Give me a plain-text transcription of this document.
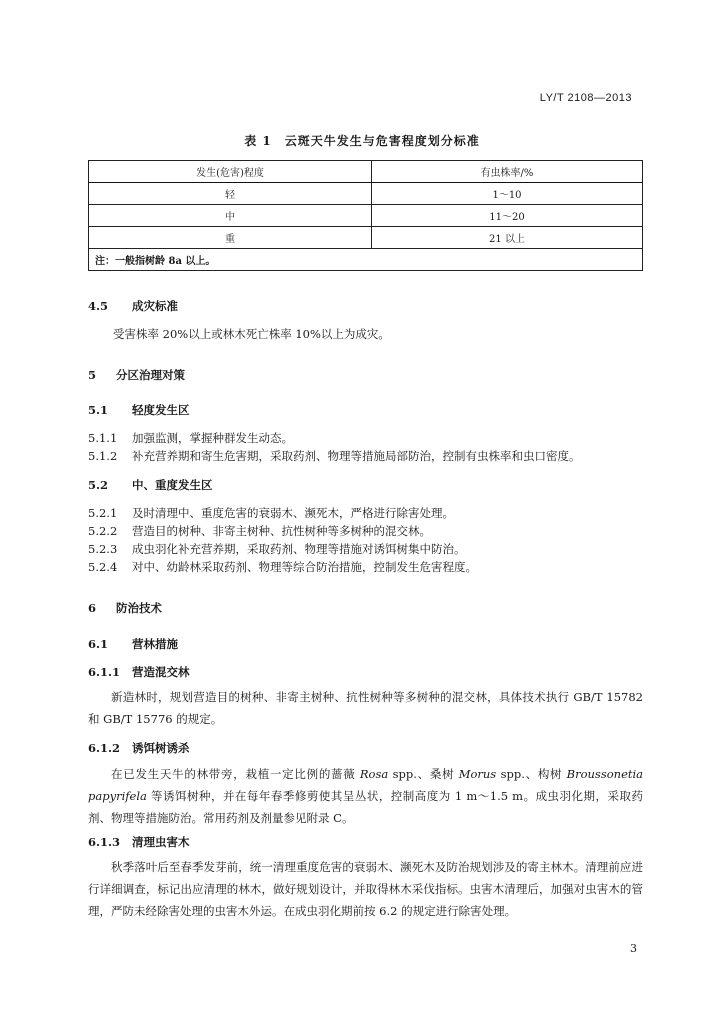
LY/T 2108—2013
表 1　云斑天牛发生与危害程度划分标准
发生(危害)程度	有虫株率/%
轻	1～10
中	11～20
重	21 以上
注：一般指树龄 8a 以上。	
4.5 成灾标准
受害株率 20%以上或林木死亡株率 10%以上为成灾。
5 分区治理对策
5.1 轻度发生区
5.1.1 加强监测，掌握种群发生动态。
5.1.2 补充营养期和寄生危害期，采取药剂、物理等措施局部防治，控制有虫株率和虫口密度。
5.2 中、重度发生区
5.2.1 及时清理中、重度危害的衰弱木、濒死木，严格进行除害处理。
5.2.2 营造目的树种、非寄主树种、抗性树种等多树种的混交林。
5.2.3 成虫羽化补充营养期，采取药剂、物理等措施对诱饵树集中防治。
5.2.4 对中、幼龄林采取药剂、物理等综合防治措施，控制发生危害程度。
6 防治技术
6.1 营林措施
6.1.1 营造混交林
新造林时，规划营造目的树种、非寄主树种、抗性树种等多树种的混交林，具体技术执行 GB/T 15782 和 GB/T 15776 的规定。
6.1.2 诱饵树诱杀
在已发生天牛的林带旁，栽植一定比例的蔷薇 Rosa spp.、桑树 Morus spp.、构树 Broussonetia papyrifela 等诱饵树种，并在每年春季修剪使其呈丛状，控制高度为 1 m～1.5 m。成虫羽化期，采取药剂、物理等措施防治。常用药剂及剂量参见附录 C。
6.1.3 清理虫害木
秋季落叶后至春季发芽前，统一清理重度危害的衰弱木、濒死木及防治规划涉及的寄主林木。清理前应进行详细调查，标记出应清理的林木，做好规划设计，并取得林木采伐指标。虫害木清理后，加强对虫害木的管理，严防未经除害处理的虫害木外运。在成虫羽化期前按 6.2 的规定进行除害处理。
3
